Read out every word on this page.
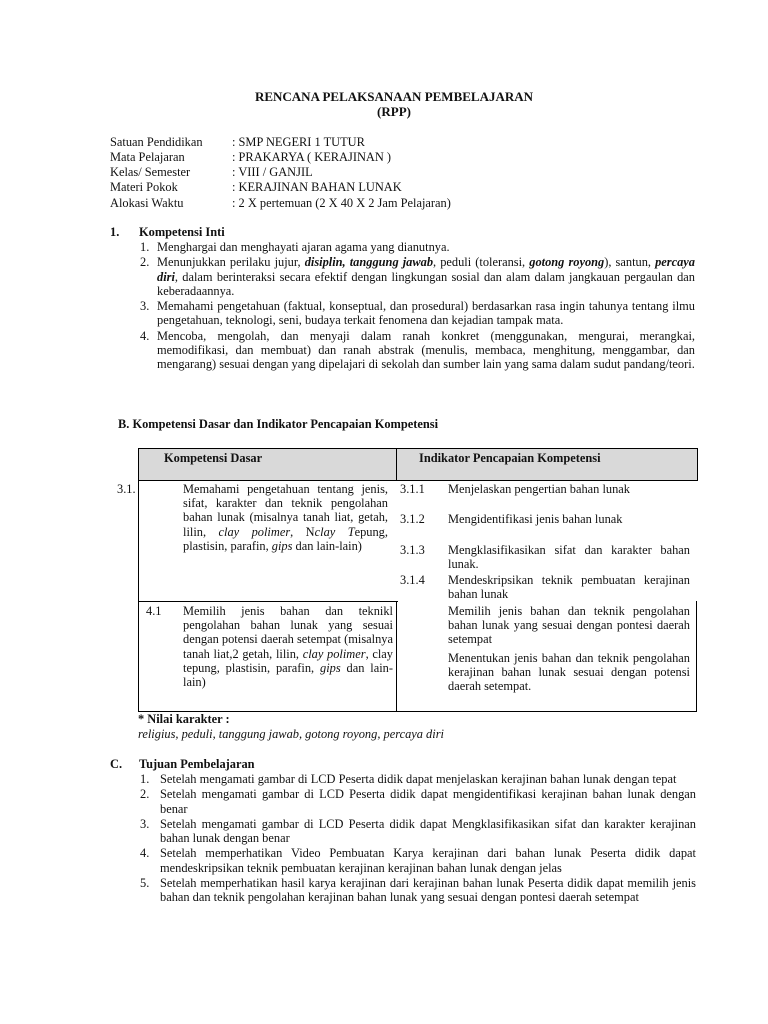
RENCANA PELAKSANAAN PEMBELAJARAN
(RPP)
Satuan Pendidikan : SMP NEGERI 1 TUTUR
Mata Pelajaran	: PRAKARYA ( KERAJINAN )
Kelas/ Semester	: VIII / GANJIL
Materi Pokok	: KERAJINAN BAHAN LUNAK
Alokasi Waktu	: 2 X pertemuan (2 X 40 X 2 Jam Pelajaran)
1. Kompetensi Inti
1. Menghargai dan menghayati ajaran agama yang dianutnya.
2. Menunjukkan perilaku jujur, disiplin, tanggung jawab, peduli (toleransi, gotong royong), santun, percaya diri, dalam berinteraksi secara efektif dengan lingkungan sosial dan alam dalam jangkauan pergaulan dan keberadaannya.
3. Memahami pengetahuan (faktual, konseptual, dan prosedural) berdasarkan rasa ingin tahunya tentang ilmu pengetahuan, teknologi, seni, budaya terkait fenomena dan kejadian tampak mata.
4. Mencoba, mengolah, dan menyaji dalam ranah konkret (menggunakan, mengurai, merangkai, memodifikasi, dan membuat) dan ranah abstrak (menulis, membaca, menghitung, menggambar, dan mengarang) sesuai dengan yang dipelajari di sekolah dan sumber lain yang sama dalam sudut pandang/teori.
B. Kompetensi Dasar dan Indikator Pencapaian Kompetensi
Kompetensi Dasar	Indikator Pencapaian Kompetensi
3.1.	Memahami pengetahuan tentang jenis, sifat, karakter dan teknik pengolahan bahan lunak (misalnya tanah liat, getah, lilin, clay polimer, Nclay Tepung, plastisin, parafin, gips dan lain-lain)
3.1.1 Menjelaskan pengertian bahan lunak
3.1.2 Mengidentifikasi jenis bahan lunak
3.1.3 Mengklasifikasikan sifat dan karakter bahan lunak.
3.1.4 Mendeskripsikan teknik pembuatan kerajinan bahan lunak
4.1 Memilih jenis bahan dan teknikl pengolahan bahan lunak yang sesuai dengan potensi daerah setempat (misalnya tanah liat,2 getah, lilin, clay polimer, clay tepung, plastisin, parafin, gips dan lain-lain)
Memilih jenis bahan dan teknik pengolahan bahan lunak yang sesuai dengan pontesi daerah setempat
Menentukan jenis bahan dan teknik pengolahan kerajinan bahan lunak sesuai dengan potensi daerah setempat.
* Nilai karakter :
religius, peduli, tanggung jawab, gotong royong, percaya diri
C. Tujuan Pembelajaran
1. Setelah mengamati gambar di LCD Peserta didik dapat menjelaskan kerajinan bahan lunak dengan tepat
2. Setelah mengamati gambar di LCD Peserta didik dapat mengidentifikasi kerajinan bahan lunak dengan benar
3. Setelah mengamati gambar di LCD Peserta didik dapat Mengklasifikasikan sifat dan karakter kerajinan bahan lunak dengan benar
4. Setelah memperhatikan Video Pembuatan Karya kerajinan dari bahan lunak Peserta didik dapat mendeskripsikan teknik pembuatan kerajinan kerajinan bahan lunak dengan jelas
5. Setelah memperhatikan hasil karya kerajinan dari kerajinan bahan lunak Peserta didik dapat memilih jenis bahan dan teknik pengolahan kerajinan bahan lunak yang sesuai dengan pontesi daerah setempat
